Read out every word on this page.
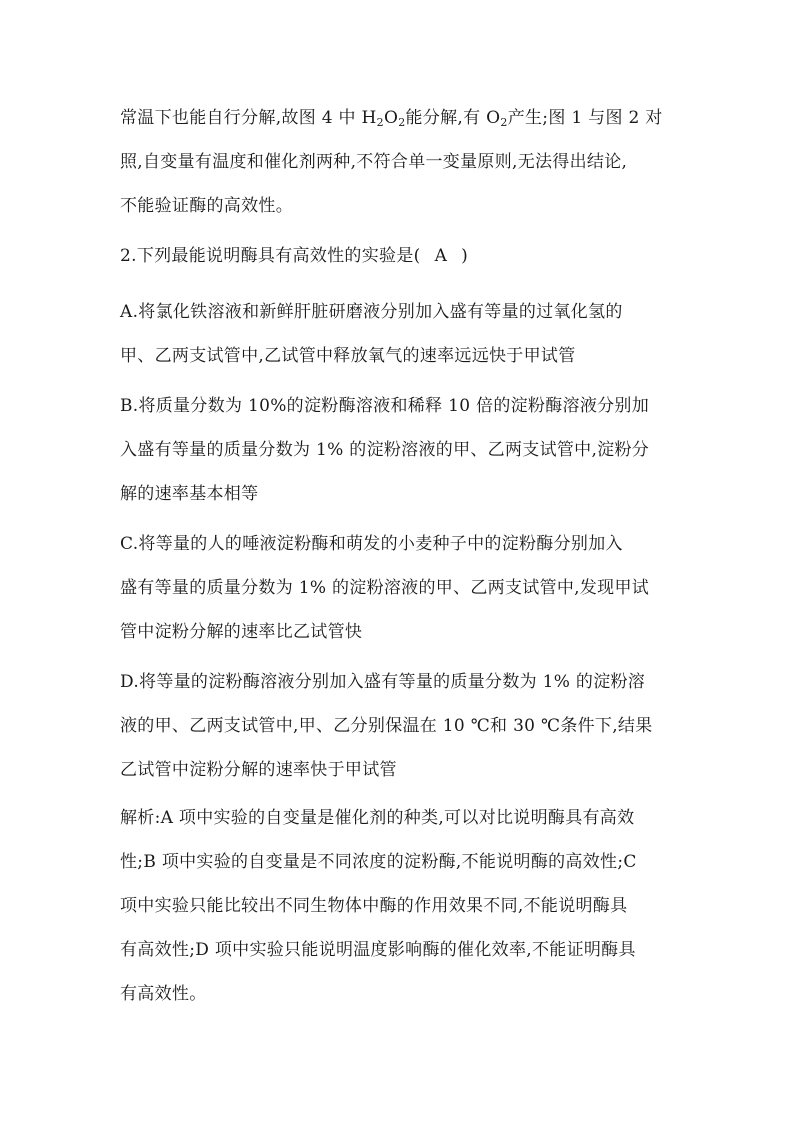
常温下也能自行分解,故图 4 中 $H_2O_2$能分解,有 $O_2$产生;图 1 与图 2 对
照,自变量有温度和催化剂两种,不符合单一变量原则,无法得出结论,
不能验证酶的高效性。

2.下列最能说明酶具有高效性的实验是( A )

A.将氯化铁溶液和新鲜肝脏研磨液分别加入盛有等量的过氧化氢的
甲、乙两支试管中,乙试管中释放氧气的速率远远快于甲试管

B.将质量分数为 10%的淀粉酶溶液和稀释 10 倍的淀粉酶溶液分别加
入盛有等量的质量分数为 1% 的淀粉溶液的甲、乙两支试管中,淀粉分
解的速率基本相等

C.将等量的人的唾液淀粉酶和萌发的小麦种子中的淀粉酶分别加入
盛有等量的质量分数为 1% 的淀粉溶液的甲、乙两支试管中,发现甲试
管中淀粉分解的速率比乙试管快

D.将等量的淀粉酶溶液分别加入盛有等量的质量分数为 1% 的淀粉溶
液的甲、乙两支试管中,甲、乙分别保温在 10 ℃和 30 ℃条件下,结果
乙试管中淀粉分解的速率快于甲试管

解析:A 项中实验的自变量是催化剂的种类,可以对比说明酶具有高效
性;B 项中实验的自变量是不同浓度的淀粉酶,不能说明酶的高效性;C
项中实验只能比较出不同生物体中酶的作用效果不同,不能说明酶具
有高效性;D 项中实验只能说明温度影响酶的催化效率,不能证明酶具
有高效性。
